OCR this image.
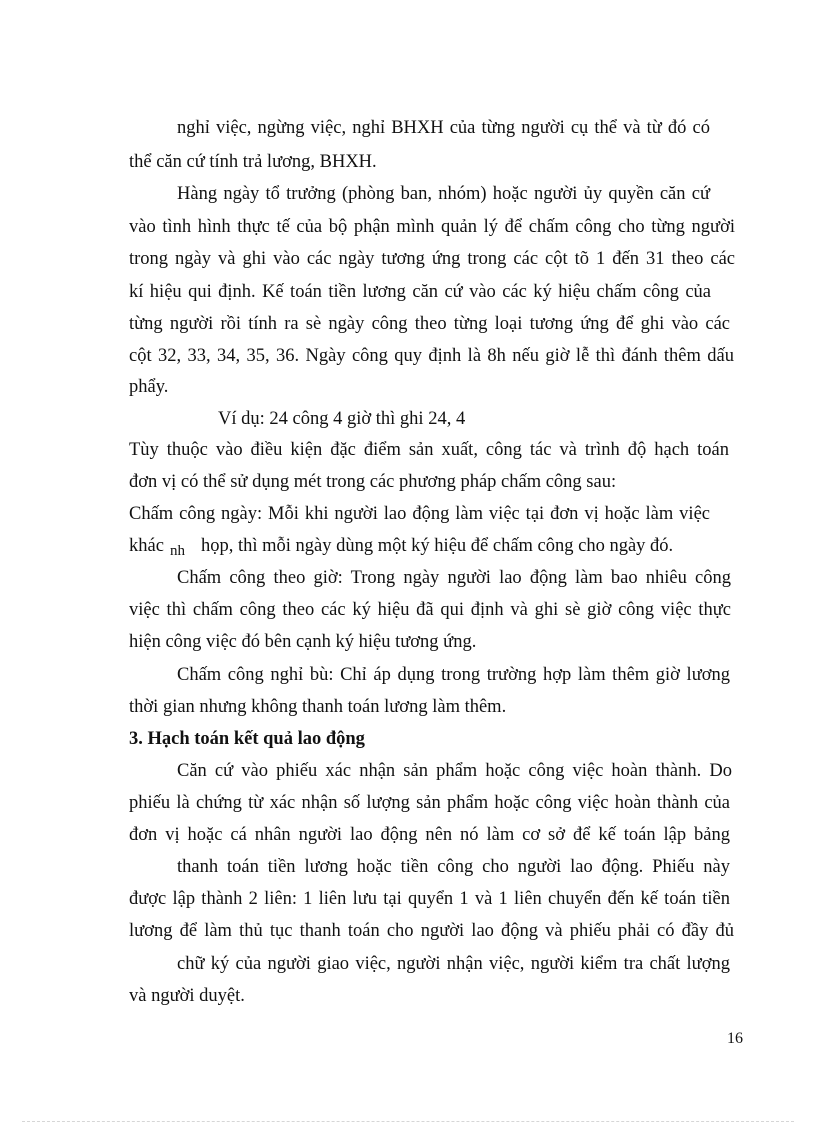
nghỉ việc, ngừng việc, nghỉ BHXH của từng người cụ thể và từ đó có
thể căn cứ tính trả lương, BHXH.
Hàng ngày tổ trưởng (phòng ban, nhóm) hoặc người ủy quyền căn cứ
vào tình hình thực tế của bộ phận mình quản lý để chấm công cho từng người
trong ngày và ghi vào các ngày tương ứng trong các cột tõ 1 đến 31 theo các
kí hiệu qui định. Kế toán tiền lương căn cứ vào các ký hiệu chấm công của
từng người rồi tính ra sè ngày công theo từng loại tương ứng để ghi vào các
cột 32, 33, 34, 35, 36. Ngày công quy định là 8h nếu giờ lễ thì đánh thêm dấu
phẩy.
Ví dụ: 24 công 4 giờ thì ghi 24, 4
Tùy thuộc vào điều kiện đặc điểm sản xuất, công tác và trình độ hạch toán
đơn vị có thể sử dụng mét trong các phương pháp chấm công sau:
Chấm công ngày: Mỗi khi người lao động làm việc tại đơn vị hoặc làm việc
khác nh họp, thì mỗi ngày dùng một ký hiệu để chấm công cho ngày đó.
Chấm công theo giờ: Trong ngày người lao động làm bao nhiêu công
việc thì chấm công theo các ký hiệu đã qui định và ghi sè giờ công việc thực
hiện công việc đó bên cạnh ký hiệu tương ứng.
Chấm công nghỉ bù: Chỉ áp dụng trong trường hợp làm thêm giờ lương
thời gian nhưng không thanh toán lương làm thêm.
3. Hạch toán kết quả lao động
Căn cứ vào phiếu xác nhận sản phẩm hoặc công việc hoàn thành. Do
phiếu là chứng từ xác nhận số lượng sản phẩm hoặc công việc hoàn thành của
đơn vị hoặc cá nhân người lao động nên nó làm cơ sở để kế toán lập bảng
thanh toán tiền lương hoặc tiền công cho người lao động. Phiếu này
được lập thành 2 liên: 1 liên lưu tại quyển 1 và 1 liên chuyển đến kế toán tiền
lương để làm thủ tục thanh toán cho người lao động và phiếu phải có đầy đủ
chữ ký của người giao việc, người nhận việc, người kiểm tra chất lượng
và người duyệt.
16
